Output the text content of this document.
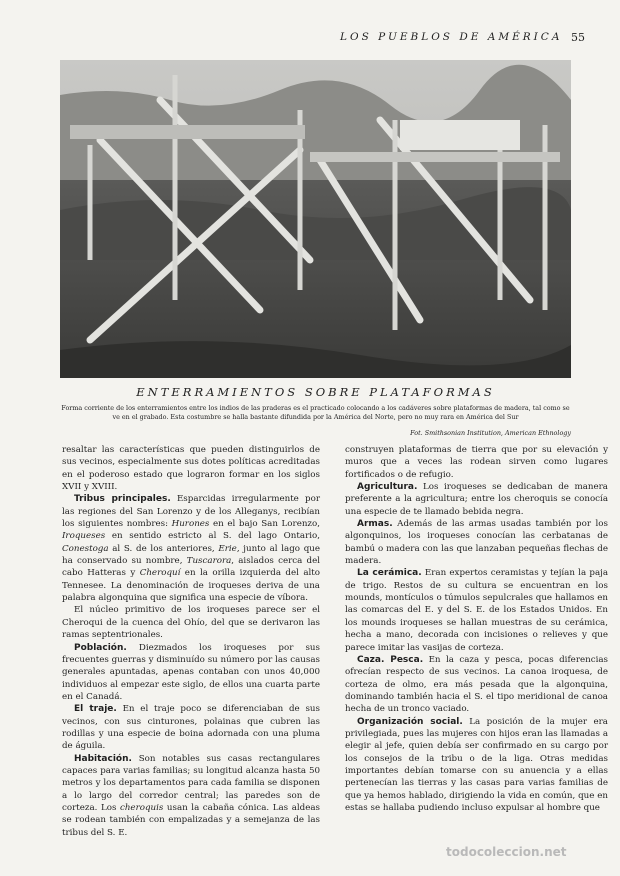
LOS PUEBLOS DE AMÉRICA 55
ENTERRAMIENTOS SOBRE PLATAFORMAS
Forma corriente de los enterramientos entre los indios de las praderas es el practicado colocando a los cadáveres sobre plataformas de madera, tal como se ve en el grabado. Esta costumbre se halla bastante difundida por la América del Norte, pero no muy rara en América del Sur
Fot. Smithsonian Institution, American Ethnology

resaltar las características que pueden distinguirlos de sus vecinos, especialmente sus dotes políticas acreditadas en el poderoso estado que lograron formar en los siglos XVII y XVIII.

Tribus principales. Esparcidas irregularmente por las regiones del San Lorenzo y de los Alleganys, recibían los siguientes nombres: Hurones en el bajo San Lorenzo, Iroqueses en sentido estricto al S. del lago Ontario, Conestoga al S. de los anteriores, Erie, junto al lago que ha conservado su nombre, Tuscarora, aislados cerca del cabo Hatteras y Cheroquí en la orilla izquierda del alto Tennesee. La denominación de iroqueses deriva de una palabra algonquina que significa una especie de víbora.

El núcleo primitivo de los iroqueses parece ser el Cheroqui de la cuenca del Ohío, del que se derivaron las ramas septentrionales.

Población. Diezmados los iroqueses por sus frecuentes guerras y disminuído su número por las causas generales apuntadas, apenas contaban con unos 40,000 individuos al empezar este siglo, de ellos una cuarta parte en el Canadá.

El traje. En el traje poco se diferenciaban de sus vecinos, con sus cinturones, polainas que cubren las rodillas y una especie de boina adornada con una pluma de águila.

Habitación. Son notables sus casas rectangulares capaces para varias familias; su longitud alcanza hasta 50 metros y los departamentos para cada familia se disponen a lo largo del corredor central; las paredes son de corteza. Los cheroquis usan la cabaña cónica. Las aldeas se rodean también con empalizadas y a semejanza de las tribus del S. E.

construyen plataformas de tierra que por su elevación y muros que a veces las rodean sirven como lugares fortificados o de refugio.

Agricultura. Los iroqueses se dedicaban de manera preferente a la agricultura; entre los cheroquis se conocía una especie de te llamado bebida negra.

Armas. Además de las armas usadas también por los algonquinos, los iroqueses conocían las cerbatanas de bambú o madera con las que lanzaban pequeñas flechas de madera.

La cerámica. Eran expertos ceramistas y tejían la paja de trigo. Restos de su cultura se encuentran en los mounds, montículos o túmulos sepulcrales que hallamos en las comarcas del E. y del S. E. de los Estados Unidos. En los mounds iroqueses se hallan muestras de su cerámica, hecha a mano, decorada con incisiones o relieves y que parece imitar las vasijas de corteza.

Caza. Pesca. En la caza y pesca, pocas diferencias ofrecían respecto de sus vecinos. La canoa iroquesa, de corteza de olmo, era más pesada que la algonquina, dominando también hacia el S. el tipo meridional de canoa hecha de un tronco vaciado.

Organización social. La posición de la mujer era privilegiada, pues las mujeres con hijos eran las llamadas a elegir al jefe, quien debía ser confirmado en su cargo por los consejos de la tribu o de la liga. Otras medidas importantes debían tomarse con su anuencia y a ellas pertenecían las tierras y las casas para varias familias de que ya hemos hablado, dirigiendo la vida en común, que en estas se hallaba pudiendo incluso expulsar al hombre que

todocoleccion.net
